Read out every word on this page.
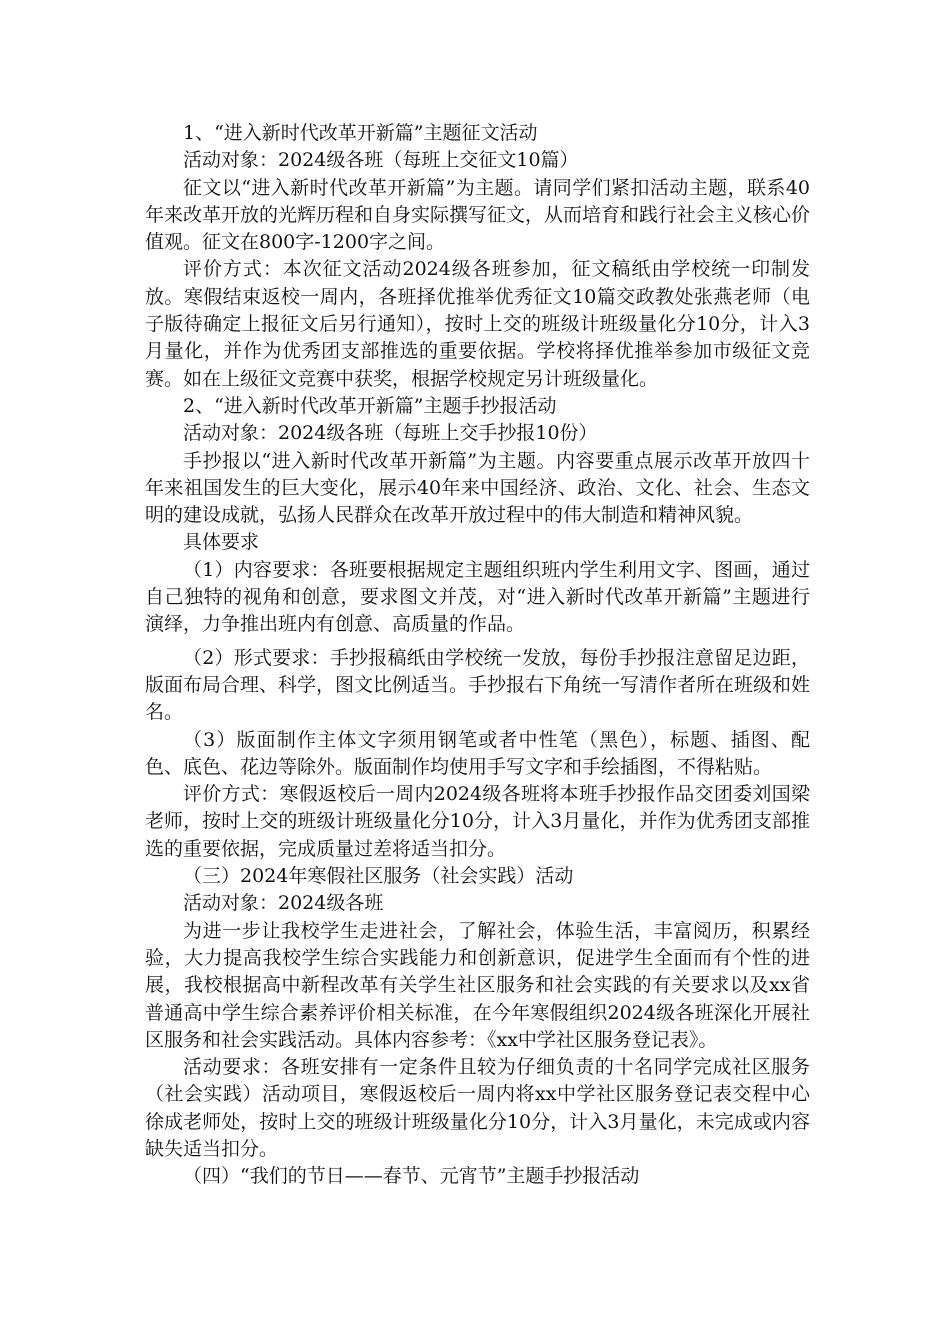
1、“进入新时代改革开新篇”主题征文活动

活动对象：2024级各班（每班上交征文10篇）

征文以“进入新时代改革开新篇”为主题。请同学们紧扣活动主题，联系40年来改革开放的光辉历程和自身实际撰写征文，从而培育和践行社会主义核心价值观。征文在800字-1200字之间。

评价方式：本次征文活动2024级各班参加，征文稿纸由学校统一印制发放。寒假结束返校一周内，各班择优推举优秀征文10篇交政教处张燕老师（电子版待确定上报征文后另行通知），按时上交的班级计班级量化分10分，计入3月量化，并作为优秀团支部推选的重要依据。学校将择优推举参加市级征文竞赛。如在上级征文竞赛中获奖，根据学校规定另计班级量化。

2、“进入新时代改革开新篇”主题手抄报活动

活动对象：2024级各班（每班上交手抄报10份）

手抄报以“进入新时代改革开新篇”为主题。内容要重点展示改革开放四十年来祖国发生的巨大变化，展示40年来中国经济、政治、文化、社会、生态文明的建设成就，弘扬人民群众在改革开放过程中的伟大制造和精神风貌。

具体要求

（1）内容要求：各班要根据规定主题组织班内学生利用文字、图画，通过自己独特的视角和创意，要求图文并茂，对“进入新时代改革开新篇”主题进行演绎，力争推出班内有创意、高质量的作品。

（2）形式要求：手抄报稿纸由学校统一发放，每份手抄报注意留足边距，版面布局合理、科学，图文比例适当。手抄报右下角统一写清作者所在班级和姓名。

（3）版面制作主体文字须用钢笔或者中性笔（黑色），标题、插图、配色、底色、花边等除外。版面制作均使用手写文字和手绘插图，不得粘贴。

评价方式：寒假返校后一周内2024级各班将本班手抄报作品交团委刘国梁老师，按时上交的班级计班级量化分10分，计入3月量化，并作为优秀团支部推选的重要依据，完成质量过差将适当扣分。

（三）2024年寒假社区服务（社会实践）活动

活动对象：2024级各班

为进一步让我校学生走进社会，了解社会，体验生活，丰富阅历，积累经验，大力提高我校学生综合实践能力和创新意识，促进学生全面而有个性的进展，我校根据高中新程改革有关学生社区服务和社会实践的有关要求以及xx省普通高中学生综合素养评价相关标准，在今年寒假组织2024级各班深化开展社区服务和社会实践活动。具体内容参考：《xx中学社区服务登记表》。

活动要求：各班安排有一定条件且较为仔细负责的十名同学完成社区服务（社会实践）活动项目，寒假返校后一周内将xx中学社区服务登记表交程中心徐成老师处，按时上交的班级计班级量化分10分，计入3月量化，未完成或内容缺失适当扣分。

（四）“我们的节日——春节、元宵节”主题手抄报活动
